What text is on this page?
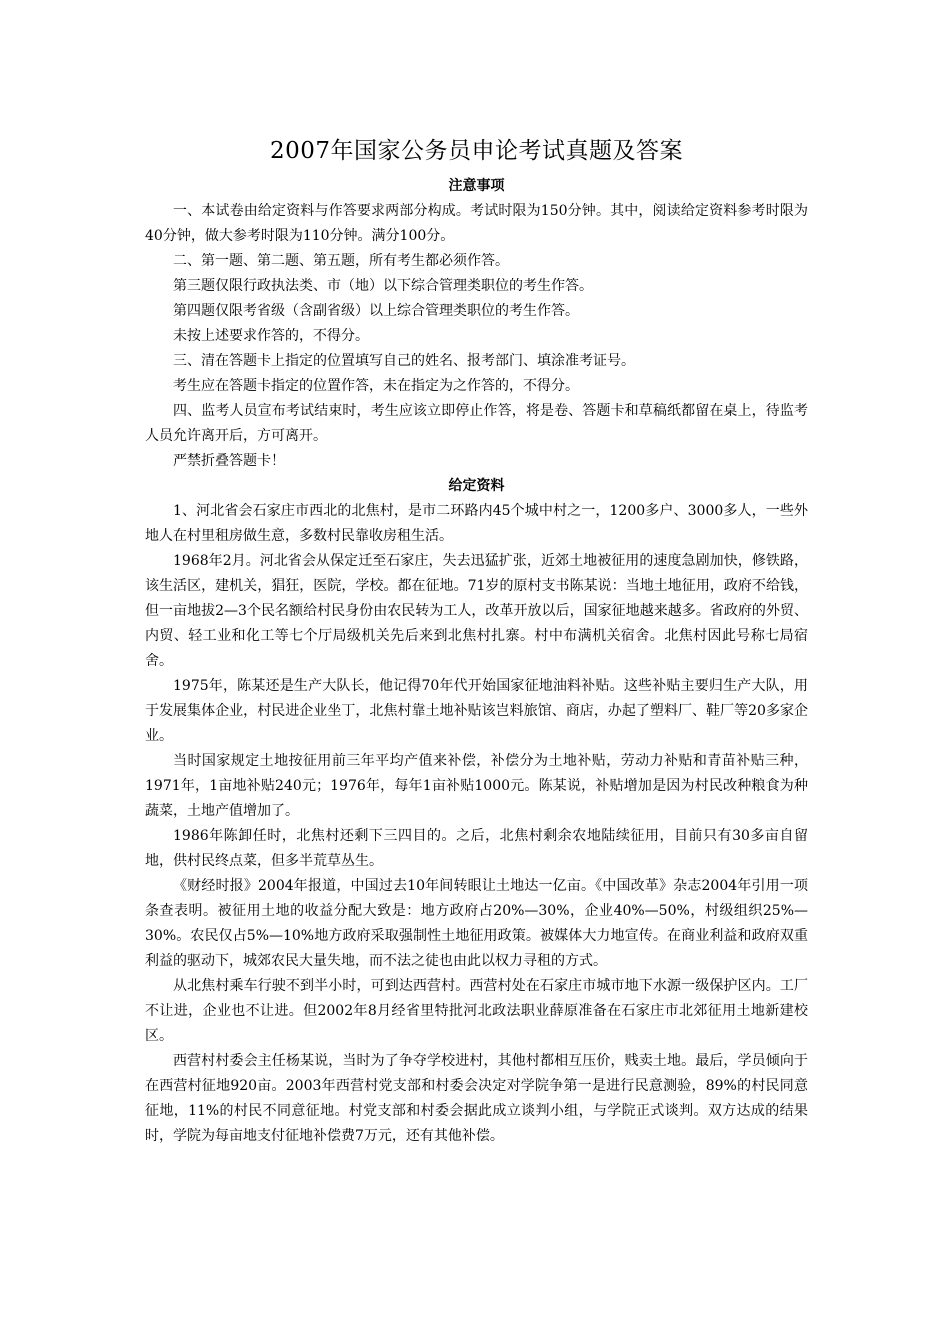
2007年国家公务员申论考试真题及答案
注意事项

一、本试卷由给定资料与作答要求两部分构成。考试时限为150分钟。其中，阅读给定资料参考时限为40分钟，做大参考时限为110分钟。满分100分。

二、第一题、第二题、第五题，所有考生都必须作答。

第三题仅限行政执法类、市（地）以下综合管理类职位的考生作答。

第四题仅限考省级（含副省级）以上综合管理类职位的考生作答。

未按上述要求作答的，不得分。

三、清在答题卡上指定的位置填写自己的姓名、报考部门、填涂准考证号。

考生应在答题卡指定的位置作答，未在指定为之作答的，不得分。

四、监考人员宣布考试结束时，考生应该立即停止作答，将是卷、答题卡和草稿纸都留在桌上，待监考人员允许离开后，方可离开。

严禁折叠答题卡！

给定资料

1、河北省会石家庄市西北的北焦村，是市二环路内45个城中村之一，1200多户、3000多人，一些外地人在村里租房做生意，多数村民靠收房租生活。

1968年2月。河北省会从保定迁至石家庄，失去迅猛扩张，近郊土地被征用的速度急剧加快，修铁路，该生活区，建机关，猖狂，医院，学校。都在征地。71岁的原村支书陈某说：当地土地征用，政府不给钱，但一亩地拔2—3个民名额给村民身份由农民转为工人，改革开放以后，国家征地越来越多。省政府的外贸、内贸、轻工业和化工等七个厅局级机关先后来到北焦村扎寨。村中布满机关宿舍。北焦村因此号称七局宿舍。

1975年，陈某还是生产大队长，他记得70年代开始国家征地油料补贴。这些补贴主要归生产大队，用于发展集体企业，村民进企业坐丁，北焦村靠土地补贴该岂料旅馆、商店，办起了塑料厂、鞋厂等20多家企业。

当时国家规定土地按征用前三年平均产值来补偿，补偿分为土地补贴，劳动力补贴和青苗补贴三种，1971年，1亩地补贴240元；1976年，每年1亩补贴1000元。陈某说，补贴增加是因为村民改种粮食为种蔬菜，土地产值增加了。

1986年陈卸任时，北焦村还剩下三四目的。之后，北焦村剩余农地陆续征用，目前只有30多亩自留地，供村民终点菜，但多半荒草丛生。

《财经时报》2004年报道，中国过去10年间转眼让土地达一亿亩。《中国改革》杂志2004年引用一项条查表明。被征用土地的收益分配大致是：地方政府占20%—30%，企业40%—50%，村级组织25%—30%。农民仅占5%—10%地方政府采取强制性土地征用政策。被媒体大力地宣传。在商业利益和政府双重利益的驱动下，城郊农民大量失地，而不法之徒也由此以权力寻租的方式。

从北焦村乘车行驶不到半小时，可到达西营村。西营村处在石家庄市城市地下水源一级保护区内。工厂不让进，企业也不让进。但2002年8月经省里特批河北政法职业薛原准备在石家庄市北郊征用土地新建校区。

西营村村委会主任杨某说，当时为了争夺学校进村，其他村都相互压价，贱卖土地。最后，学员倾向于在西营村征地920亩。2003年西营村党支部和村委会决定对学院争第一是进行民意测验，89%的村民同意征地，11%的村民不同意征地。村党支部和村委会据此成立谈判小组，与学院正式谈判。双方达成的结果时，学院为每亩地支付征地补偿费7万元，还有其他补偿。
